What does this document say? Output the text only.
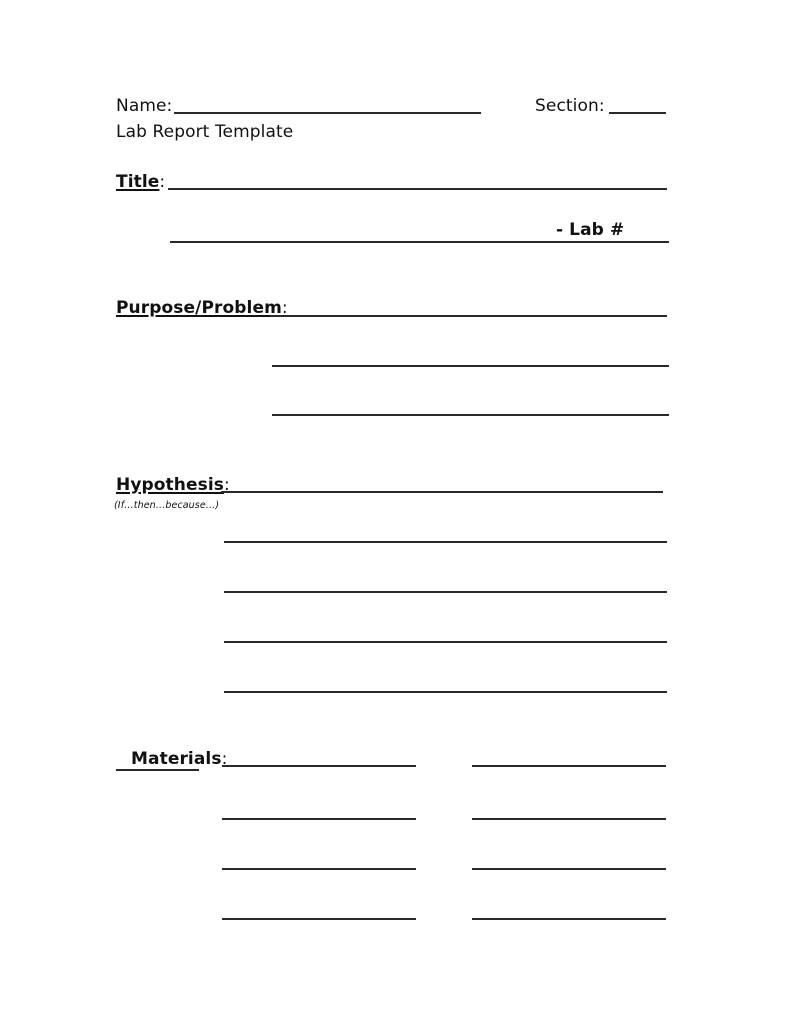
Name:	Section:
Lab Report Template
Title:
- Lab #
Purpose/Problem:
Hypothesis:
(If…then…because…)
Materials:
